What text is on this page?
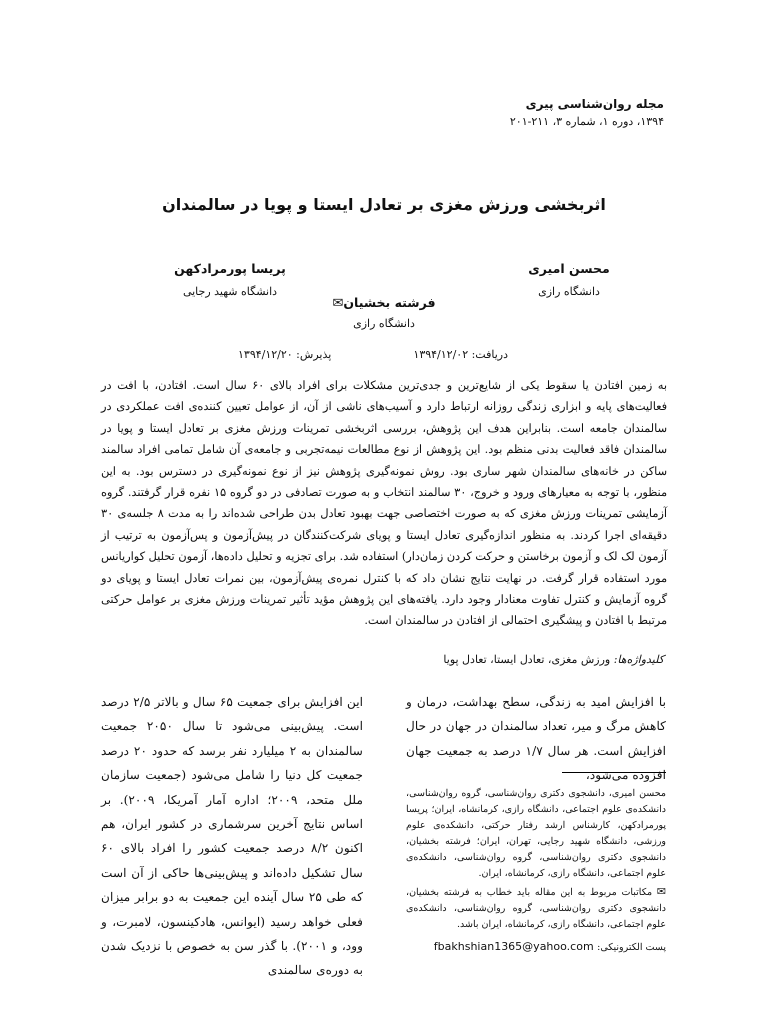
مجله روان‌شناسی پیری
۱۳۹۴، دوره ۱، شماره ۳، ۲۱۱-۲۰۱
اثربخشی ورزش مغزی بر تعادل ایستا و پویا در سالمندان
محسن امیری
دانشگاه رازی
پریسا پورمرادکهن
دانشگاه شهید رجایی
فرشته بخشیان✉
دانشگاه رازی
دریافت: ۱۳۹۴/۱۲/۰۲
پذیرش: ۱۳۹۴/۱۲/۲۰
به زمین افتادن یا سقوط یکی از شایع‌ترین و جدی‌ترین مشکلات برای افراد بالای ۶۰ سال است. افتادن، با افت در فعالیت‌های پایه و ابزاری زندگی روزانه ارتباط دارد و آسیب‌های ناشی از آن، از عوامل تعیین کننده‌ی افت عملکردی در سالمندان جامعه است. بنابراین هدف این پژوهش، بررسی اثربخشی تمرینات ورزش مغزی بر تعادل ایستا و پویا در سالمندان فاقد فعالیت بدنی منظم بود. این پژوهش از نوع مطالعات نیمه‌تجربی و جامعه‌ی آن شامل تمامی افراد سالمند ساکن در خانه‌های سالمندان شهر ساری بود. روش نمونه‌گیری پژوهش نیز از نوع نمونه‌گیری در دسترس بود. به این منظور، با توجه به معیارهای ورود و خروج، ۳۰ سالمند انتخاب و به صورت تصادفی در دو گروه ۱۵ نفره قرار گرفتند. گروه آزمایشی تمرینات ورزش مغزی که به صورت اختصاصی جهت بهبود تعادل بدن طراحی شده‌اند را به مدت ۸ جلسه‌ی ۳۰ دقیقه‌ای اجرا کردند. به منظور اندازه‌گیری تعادل ایستا و پویای شرکت‌کنندگان در پیش‌آزمون و پس‌آزمون به ترتیب از آزمون لک لک و آزمون برخاستن و حرکت کردن زمان‌دار) استفاده شد. برای تجزیه و تحلیل داده‌ها، آزمون تحلیل کواریانس مورد استفاده قرار گرفت. در نهایت نتایج نشان داد که با کنترل نمره‌ی پیش‌آزمون، بین نمرات تعادل ایستا و پویای دو گروه آزمایش و کنترل تفاوت معنادار وجود دارد. یافته‌های این پژوهش مؤید تأثیر تمرینات ورزش مغزی بر عوامل حرکتی مرتبط با افتادن و پیشگیری احتمالی از افتادن در سالمندان است.
کلیدواژه‌ها: ورزش مغزی، تعادل ایستا، تعادل پویا
با افزایش امید به زندگی، سطح بهداشت، درمان و کاهش مرگ و میر، تعداد سالمندان در جهان در حال افزایش است. هر سال ۱/۷ درصد به جمعیت جهان افزوده می‌شود،
این افزایش برای جمعیت ۶۵ سال و بالاتر ۲/۵ درصد است. پیش‌بینی می‌شود تا سال ۲۰۵۰ جمعیت سالمندان به ۲ میلیارد نفر برسد که حدود ۲۰ درصد جمعیت کل دنیا را شامل می‌شود (جمعیت سازمان ملل متحد، ۲۰۰۹؛ اداره آمار آمریکا، ۲۰۰۹). بر اساس نتایج آخرین سرشماری در کشور ایران، هم اکنون ۸/۲ درصد جمعیت کشور را افراد بالای ۶۰ سال تشکیل داده‌اند و پیش‌بینی‌ها حاکی از آن است که طی ۲۵ سال آینده این جمعیت به دو برابر میزان فعلی خواهد رسید (ایوانس، هادکینسون، لامبرت، و وود، و ۲۰۰۱). با گذر سن به خصوص با نزدیک شدن به دوره‌ی سالمندی
محسن امیری، دانشجوی دکتری روان‌شناسی، گروه روان‌شناسی، دانشکده‌ی علوم اجتماعی، دانشگاه رازی، کرمانشاه، ایران؛ پریسا پورمرادکهن، کارشناس ارشد رفتار حرکتی، دانشکده‌ی علوم ورزشی، دانشگاه شهید رجایی، تهران، ایران؛ فرشته بخشیان، دانشجوی دکتری روان‌شناسی، گروه روان‌شناسی، دانشکده‌ی علوم اجتماعی، دانشگاه رازی، کرمانشاه، ایران.
✉ مکاتبات مربوط به این مقاله باید خطاب به فرشته بخشیان، دانشجوی دکتری روان‌شناسی، گروه روان‌شناسی، دانشکده‌ی علوم اجتماعی، دانشگاه رازی، کرمانشاه، ایران باشد.
پست الکترونیکی: fbakhshian1365@yahoo.com
